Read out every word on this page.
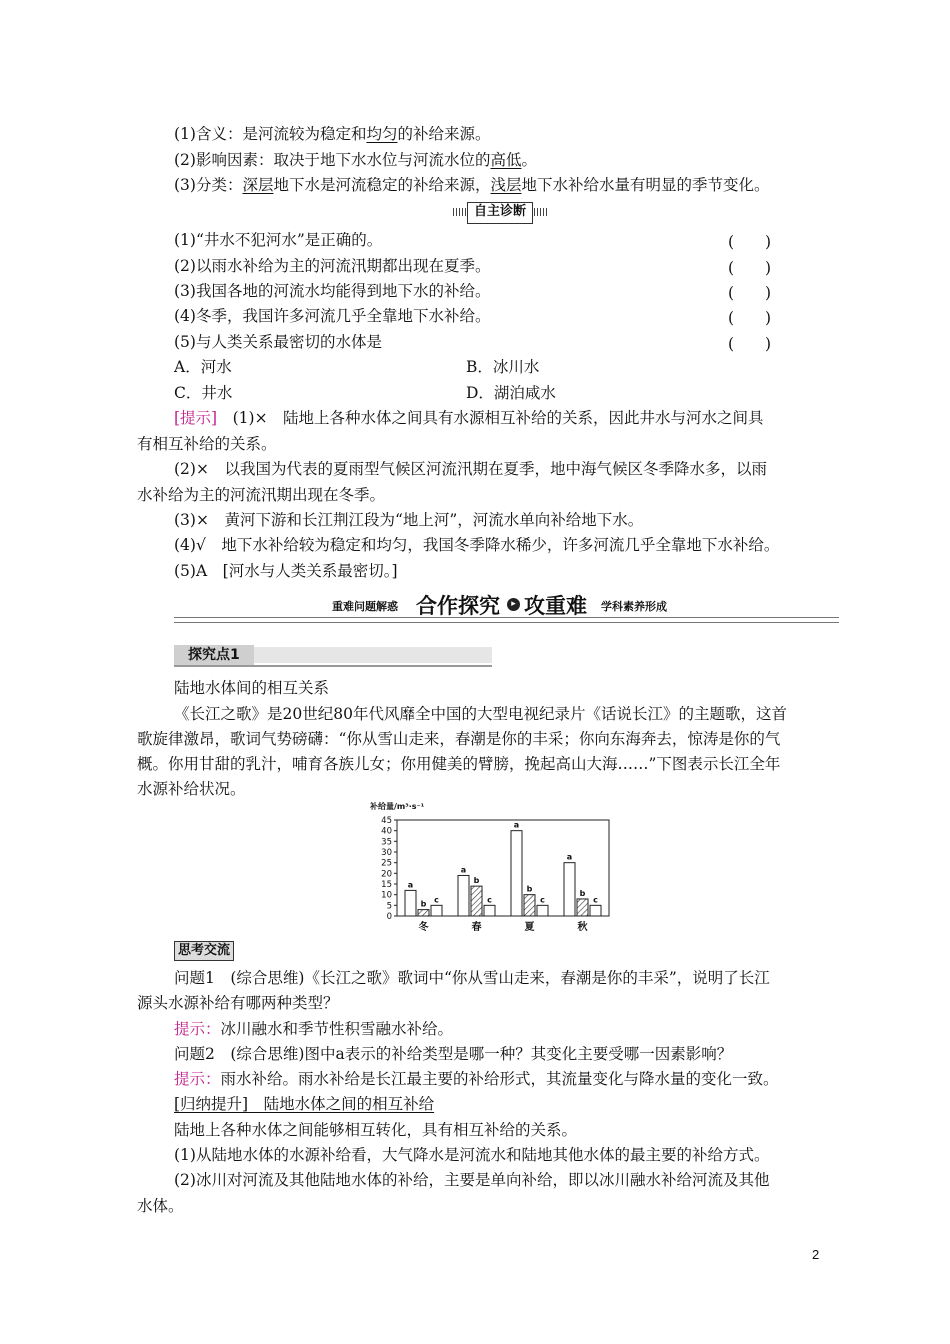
(1)含义：是河流较为稳定和均匀的补给来源。
(2)影响因素：取决于地下水水位与河流水位的高低。
(3)分类：深层地下水是河流稳定的补给来源，浅层地下水补给水量有明显的季节变化。
自主诊断
(1)“井水不犯河水”是正确的。	(　　)
(2)以雨水补给为主的河流汛期都出现在夏季。	(　　)
(3)我国各地的河流水均能得到地下水的补给。	(　　)
(4)冬季，我国许多河流几乎全靠地下水补给。	(　　)
(5)与人类关系最密切的水体是	(　　)
A．河水	B．冰川水
C．井水	D．湖泊咸水
[提示]　(1)×　陆地上各种水体之间具有水源相互补给的关系，因此井水与河水之间具
有相互补给的关系。
(2)×　以我国为代表的夏雨型气候区河流汛期在夏季，地中海气候区冬季降水多，以雨
水补给为主的河流汛期出现在冬季。
(3)×　黄河下游和长江荆江段为“地上河”，河流水单向补给地下水。
(4)√　地下水补给较为稳定和均匀，我国冬季降水稀少，许多河流几乎全靠地下水补给。
(5)A　[河水与人类关系最密切。]
重难问题解惑 合作探究	▸ 攻重难 学科素养形成
探究点1
陆地水体间的相互关系
《长江之歌》是20世纪80年代风靡全中国的大型电视纪录片《话说长江》的主题歌，这首
歌旋律激昂，歌词气势磅礴：“你从雪山走来，春潮是你的丰采；你向东海奔去，惊涛是你的气
概。你用甘甜的乳汁，哺育各族儿女；你用健美的臂膀，挽起高山大海……”下图表示长江全年
水源补给状况。
补给量/m³·s⁻¹
0
5
10
15
20
25
30
35
40
45
a
b c
冬
a
b
c
春
a
b
c
夏
a
b
c
秋
思考交流
问题1　(综合思维)《长江之歌》歌词中“你从雪山走来，春潮是你的丰采”，说明了长江
源头水源补给有哪两种类型？
提示：冰川融水和季节性积雪融水补给。
问题2　(综合思维)图中a表示的补给类型是哪一种？其变化主要受哪一因素影响？
提示：雨水补给。雨水补给是长江最主要的补给形式，其流量变化与降水量的变化一致。
[归纳提升]　陆地水体之间的相互补给
陆地上各种水体之间能够相互转化，具有相互补给的关系。
(1)从陆地水体的水源补给看，大气降水是河流水和陆地其他水体的最主要的补给方式。
(2)冰川对河流及其他陆地水体的补给，主要是单向补给，即以冰川融水补给河流及其他
水体。
2
